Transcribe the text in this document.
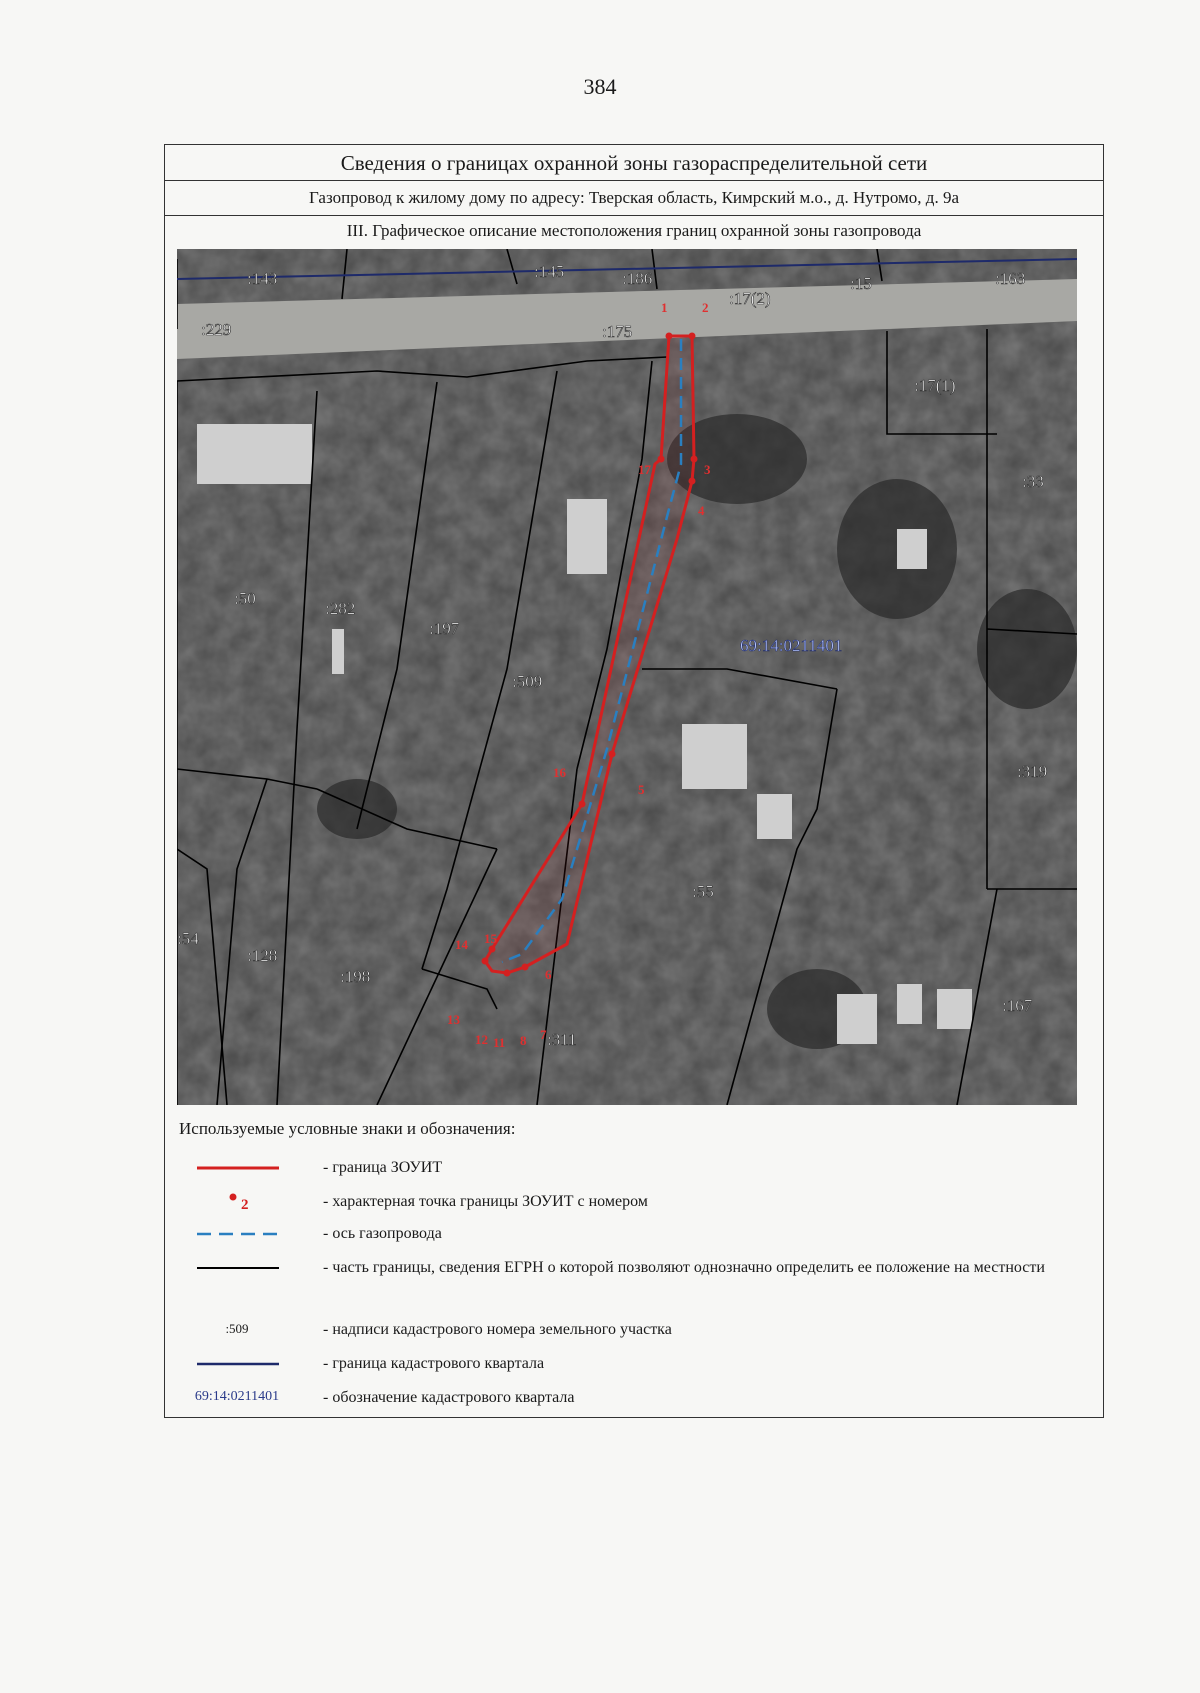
384
Сведения о границах охранной зоны газораспределительной сети
Газопровод к жилому дому по адресу: Тверская область, Кимрский м.о., д. Нутромо, д. 9а
III. Графическое описание местоположения границ охранной зоны газопровода
1	2
3
17
4
16
5
14 15
6
13
12 11 8 7
:143	:145	:186
:17(2)
:15	:163
:229	:175
:17(1)
:33
:50
:282
:197
:509
:319
:55
:54
:128
:198
:311
:167
69:14:0211401
Используемые условные знаки и обозначения:
- граница ЗОУИТ
2	- характерная точка границы ЗОУИТ с номером
- ось газопровода
- часть границы, сведения ЕГРН о которой позволяют однозначно определить ее положение на местности
:509	- надписи кадастрового номера земельного участка
- граница кадастрового квартала
69:14:0211401	- обозначение кадастрового квартала
